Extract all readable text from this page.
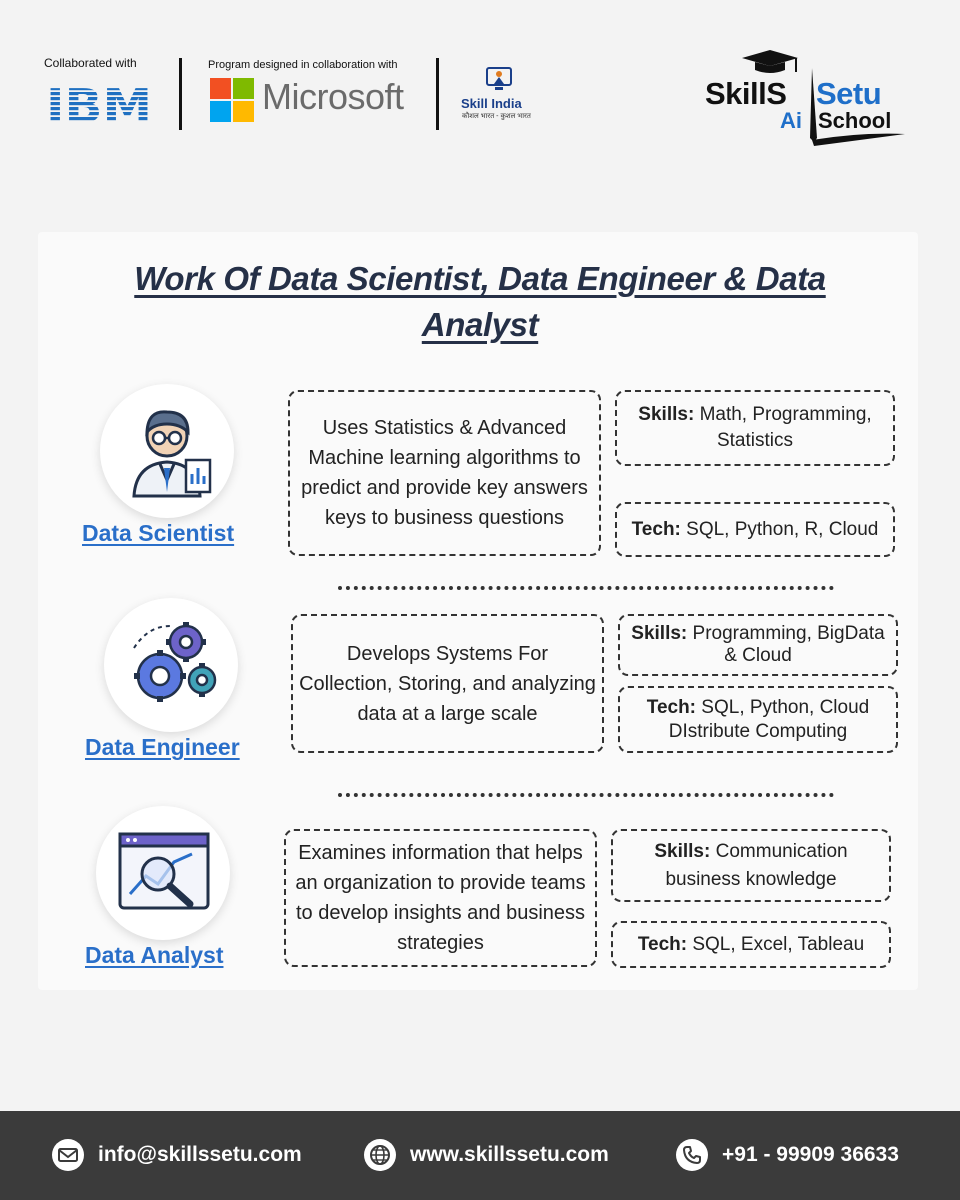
Collaborated with
IBM
Program designed in collaboration with
Microsoft	Skill India
कौशल भारत - कुशल भारत
SkillS Setu
Ai School
Work Of Data Scientist, Data Engineer & Data Analyst
Data Scientist
Uses Statistics & Advanced Machine learning algorithms to predict and provide key answers keys to business questions
Skills: Math, Programming, Statistics
Tech: SQL, Python, R, Cloud
Data Engineer
Develops Systems For Collection, Storing, and analyzing data at a large scale
Skills: Programming, BigData & Cloud
Tech: SQL, Python, Cloud DIstribute Computing
Data Analyst
Examines information that helps an organization to provide teams to develop insights and business strategies
Skills: Communication business knowledge
Tech: SQL, Excel, Tableau
info@skillssetu.com	www.skillssetu.com	+91 - 99909 36633
